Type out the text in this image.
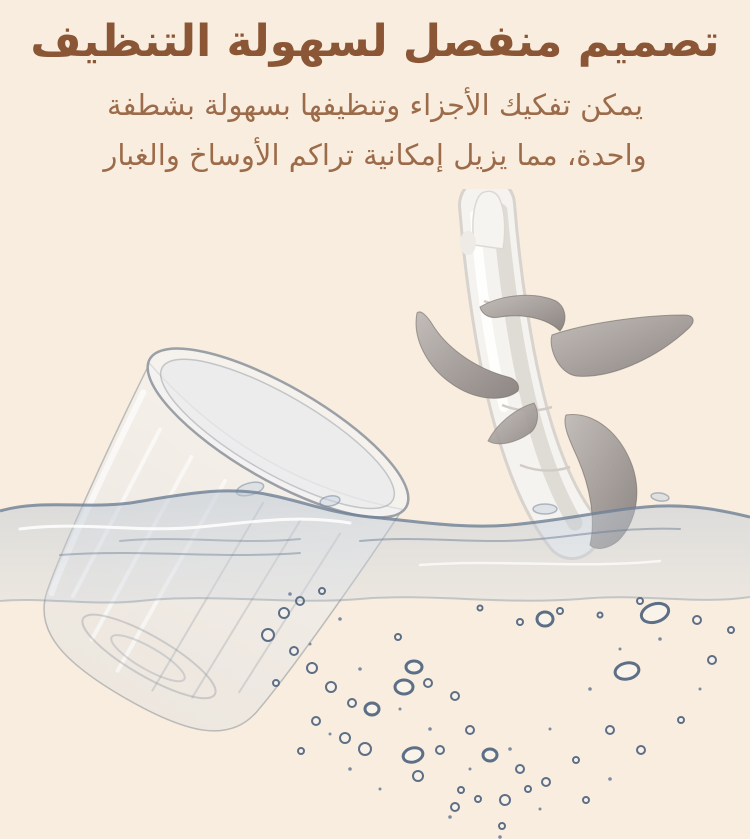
تصميم منفصل لسهولة التنظيف
يمكن تفكيك الأجزاء وتنظيفها بسهولة بشطفة
واحدة، مما يزيل إمكانية تراكم الأوساخ والغبار
